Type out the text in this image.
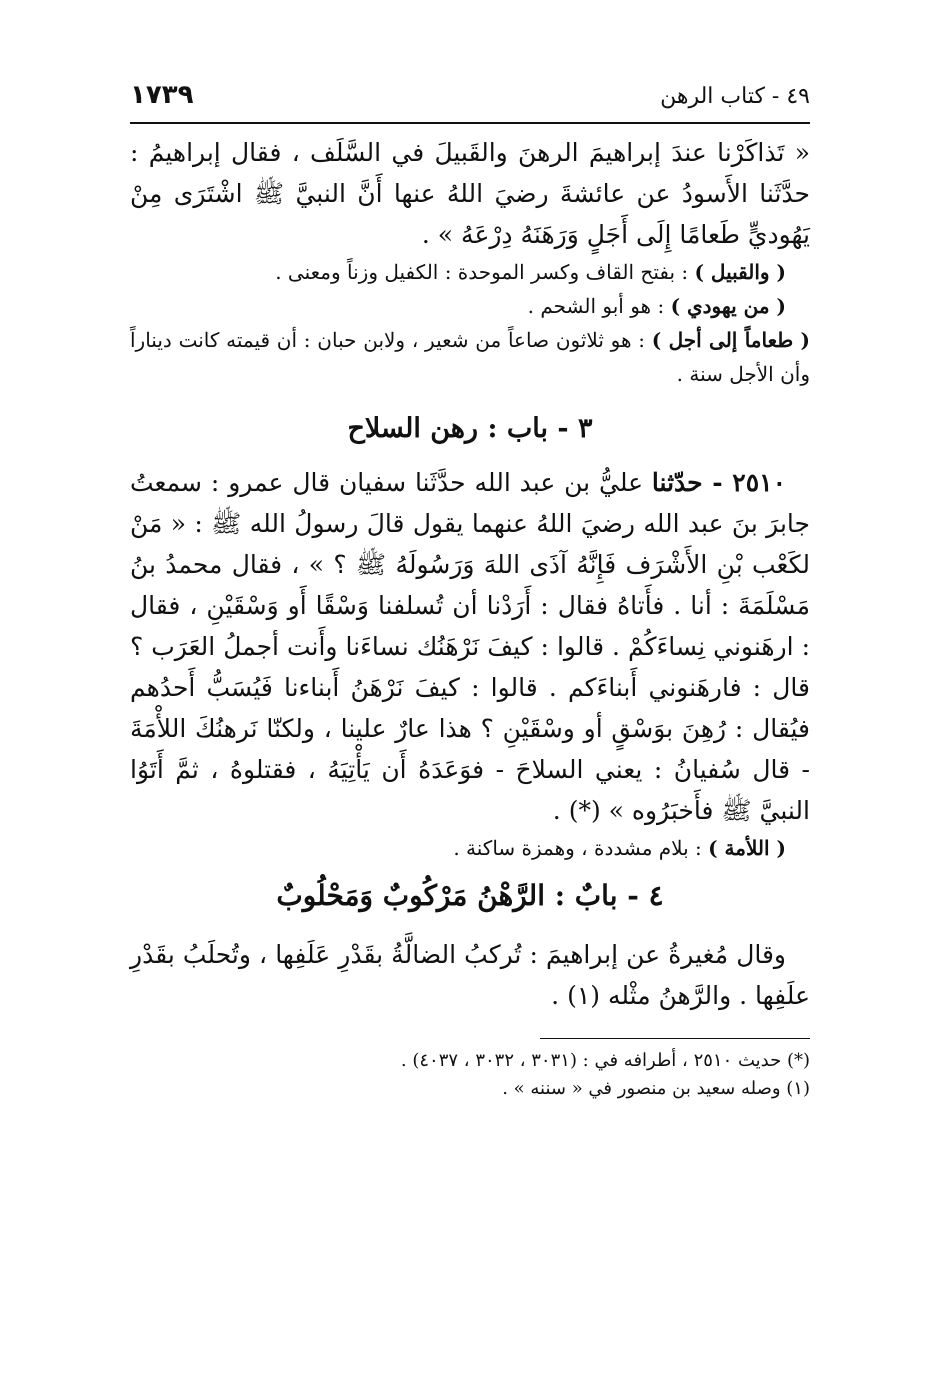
٤٩ - كتاب الرهن
١٧٣٩

« تَذاكَرْنا عندَ إبراهيمَ الرهنَ والقَبيلَ في السَّلَف ، فقال إبراهيمُ : حدَّثَنا الأَسودُ عن عائشةَ رضيَ اللهُ عنها أَنَّ النبيَّ ﷺ اشْتَرَى مِنْ يَهُوديٍّ طَعامًا إِلَى أَجَلٍ وَرَهَنَهُ دِرْعَهُ » .

( والقبيل ) : بفتح القاف وكسر الموحدة : الكفيل وزناً ومعنى .

( من يهودي ) : هو أبو الشحم .

( طعاماً إلى أجل ) : هو ثلاثون صاعاً من شعير ، ولابن حبان : أن قيمته كانت ديناراً وأن الأجل سنة .

٣ - باب : رهن السلاح

٢٥١٠ - حدّثنا عليُّ بن عبد الله حدَّثَنا سفيان قال عمرو : سمعتُ جابرَ بنَ عبد الله رضيَ اللهُ عنهما يقول قالَ رسولُ الله ﷺ : « مَنْ لكَعْب بْنِ الأَشْرَف فَإِنَّهُ آذَى اللهَ وَرَسُولَهُ ﷺ ؟ » ، فقال محمدُ بنُ مَسْلَمَةَ : أنا . فأَتاهُ فقال : أَرَدْنا أن تُسلفنا وَسْقًا أَو وَسْقَيْنِ ، فقال : ارهَنوني نِساءَكُمْ . قالوا : كيفَ نَرْهَنُك نساءَنا وأَنت أجملُ العَرَب ؟ قال : فارهَنوني أَبناءَكم . قالوا : كيفَ نَرْهَنُ أَبناءنا فَيُسَبُّ أَحدُهم فيُقال : رُهِنَ بوَسْقٍ أو وسْقَيْنِ ؟ هذا عارٌ علينا ، ولكنّا نَرهنُكَ اللأْمَةَ - قال سُفيانُ : يعني السلاحَ - فوَعَدَهُ أَن يَأْتِيَهُ ، فقتلوهُ ، ثمَّ أَتَوُا النبيَّ ﷺ فأَخبَرُوه » (*) .

( اللأمة ) : بلام مشددة ، وهمزة ساكنة .

٤ - بابٌ : الرَّهْنُ مَرْكُوبٌ وَمَحْلُوبٌ

وقال مُغيرةُ عن إبراهيمَ : تُركبُ الضالَّةُ بقَدْرِ عَلَفِها ، وتُحلَبُ بقَدْرِ علَفِها . والرَّهنُ مثْله (١) .

(*) حديث ٢٥١٠ ، أطرافه في : (٣٠٣١ ، ٣٠٣٢ ، ٤٠٣٧) .

(١) وصله سعيد بن منصور في « سننه » .
